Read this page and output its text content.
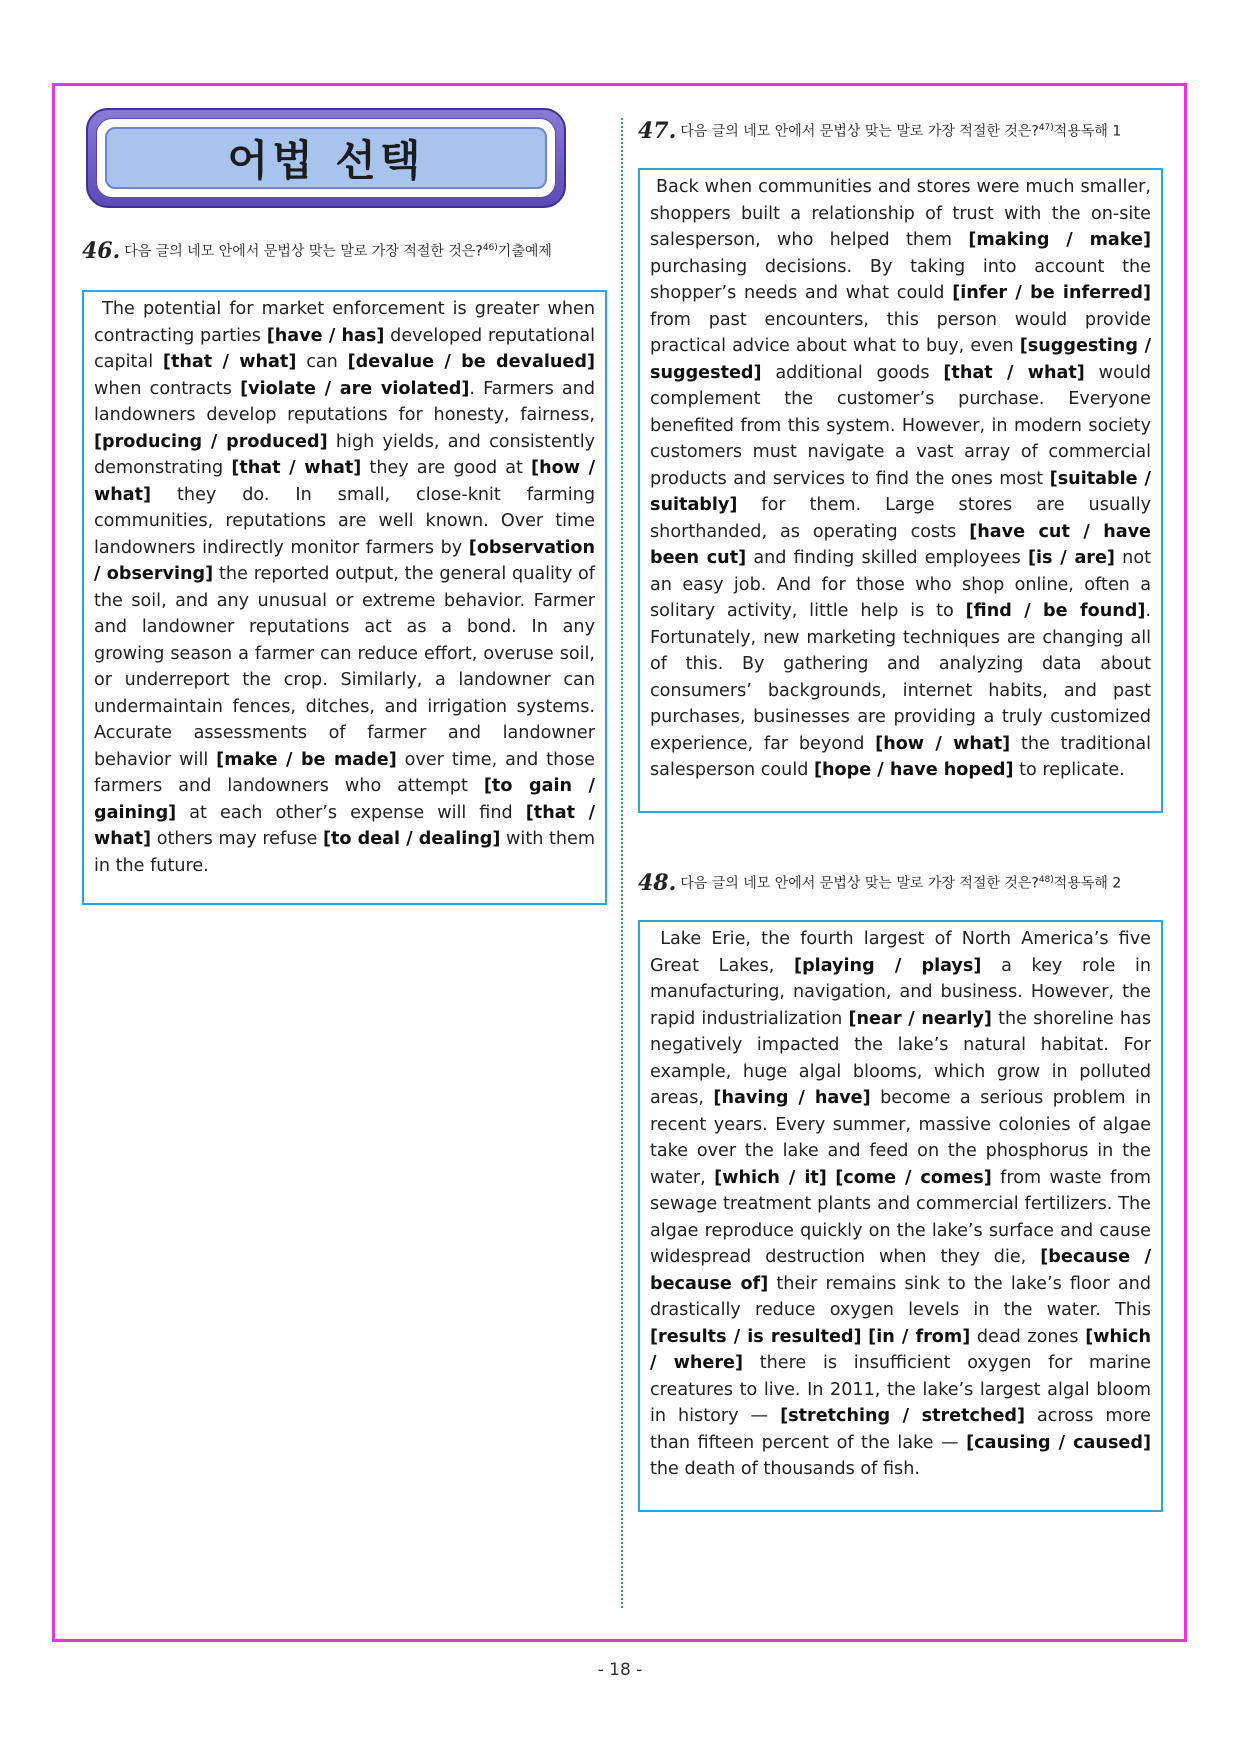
어법 선택
46. 다음 글의 네모 안에서 문법상 맞는 말로 가장 적절한 것은?$^{46)}$기출예제
The potential for market enforcement is greater when contracting parties [have / has] developed reputational capital [that / what] can [devalue / be devalued] when contracts [violate / are violated]. Farmers and landowners develop reputations for honesty, fairness, [producing / produced] high yields, and consistently demonstrating [that / what] they are good at [how / what] they do. In small, close-knit farming communities, reputations are well known. Over time landowners indirectly monitor farmers by [observation / observing] the reported output, the general quality of the soil, and any unusual or extreme behavior. Farmer and landowner reputations act as a bond. In any growing season a farmer can reduce effort, overuse soil, or underreport the crop. Similarly, a landowner can undermaintain fences, ditches, and irrigation systems. Accurate assessments of farmer and landowner behavior will [make / be made] over time, and those farmers and landowners who attempt [to gain / gaining] at each other’s expense will find [that / what] others may refuse [to deal / dealing] with them in the future.
47. 다음 글의 네모 안에서 문법상 맞는 말로 가장 적절한 것은?$^{47)}$적용독해 1
Back when communities and stores were much smaller, shoppers built a relationship of trust with the on-site salesperson, who helped them [making / make] purchasing decisions. By taking into account the shopper’s needs and what could [infer / be inferred] from past encounters, this person would provide practical advice about what to buy, even [suggesting / suggested] additional goods [that / what] would complement the customer’s purchase. Everyone benefited from this system. However, in modern society customers must navigate a vast array of commercial products and services to find the ones most [suitable / suitably] for them. Large stores are usually shorthanded, as operating costs [have cut / have been cut] and finding skilled employees [is / are] not an easy job. And for those who shop online, often a solitary activity, little help is to [find / be found]. Fortunately, new marketing techniques are changing all of this. By gathering and analyzing data about consumers’ backgrounds, internet habits, and past purchases, businesses are providing a truly customized experience, far beyond [how / what] the traditional salesperson could [hope / have hoped] to replicate.
48. 다음 글의 네모 안에서 문법상 맞는 말로 가장 적절한 것은?$^{48)}$적용독해 2
Lake Erie, the fourth largest of North America’s five Great Lakes, [playing / plays] a key role in manufacturing, navigation, and business. However, the rapid industrialization [near / nearly] the shoreline has negatively impacted the lake’s natural habitat. For example, huge algal blooms, which grow in polluted areas, [having / have] become a serious problem in recent years. Every summer, massive colonies of algae take over the lake and feed on the phosphorus in the water, [which / it] [come / comes] from waste from sewage treatment plants and commercial fertilizers. The algae reproduce quickly on the lake’s surface and cause widespread destruction when they die, [because / because of] their remains sink to the lake’s floor and drastically reduce oxygen levels in the water. This [results / is resulted] [in / from] dead zones [which / where] there is insufficient oxygen for marine creatures to live. In 2011, the lake’s largest algal bloom in history — [stretching / stretched] across more than fifteen percent of the lake — [causing / caused] the death of thousands of fish.
- 18 -
